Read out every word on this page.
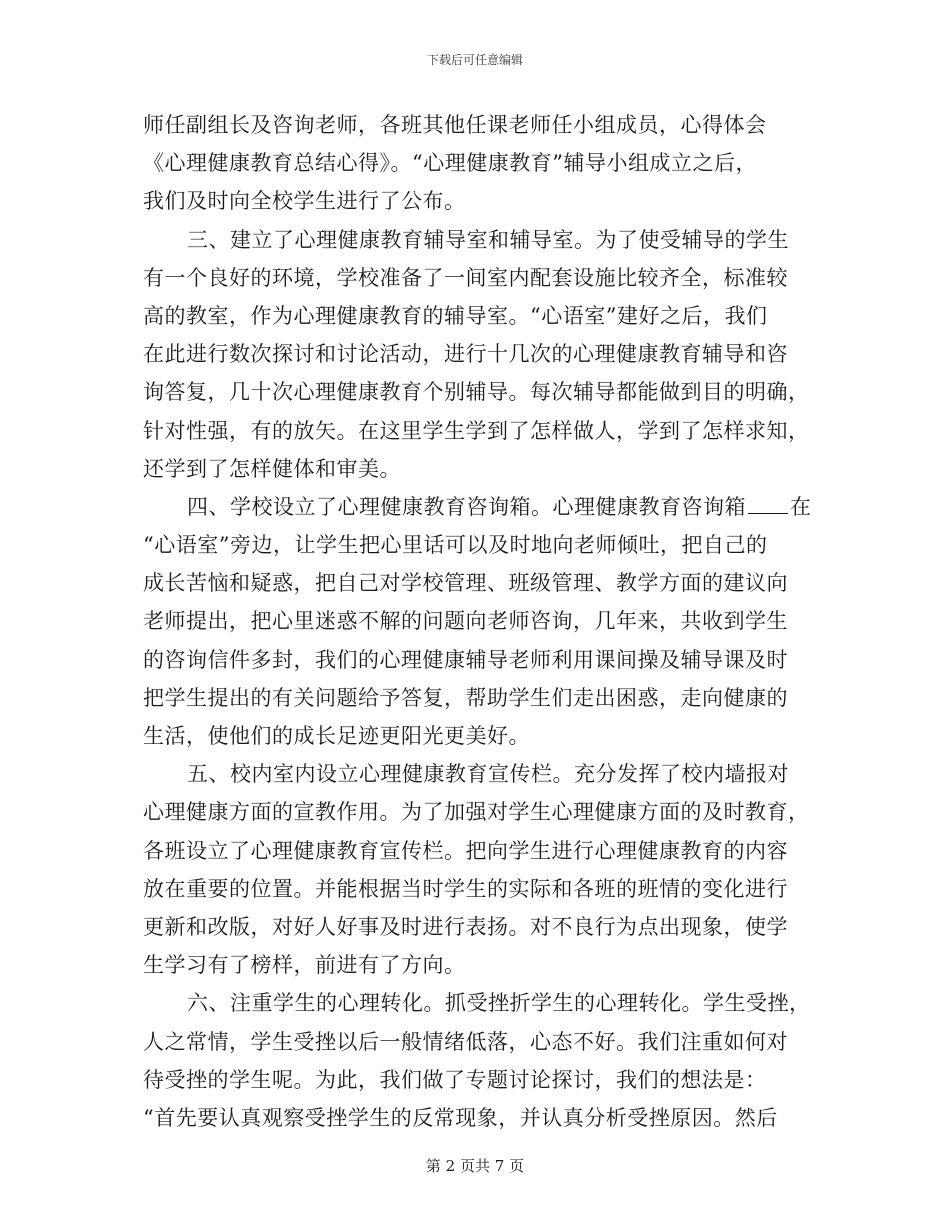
下载后可任意编辑
师任副组长及咨询老师，各班其他任课老师任小组成员，心得体会
《心理健康教育总结心得》。“心理健康教育”辅导小组成立之后，
我们及时向全校学生进行了公布。
三、建立了心理健康教育辅导室和辅导室。为了使受辅导的学生
有一个良好的环境，学校准备了一间室内配套设施比较齐全，标准较
高的教室，作为心理健康教育的辅导室。“心语室”建好之后，我们
在此进行数次探讨和讨论活动，进行十几次的心理健康教育辅导和咨
询答复，几十次心理健康教育个别辅导。每次辅导都能做到目的明确，
针对性强，有的放矢。在这里学生学到了怎样做人，学到了怎样求知，
还学到了怎样健体和审美。
四、学校设立了心理健康教育咨询箱。心理健康教育咨询箱 在
“心语室”旁边，让学生把心里话可以及时地向老师倾吐，把自己的
成长苦恼和疑惑，把自己对学校管理、班级管理、教学方面的建议向
老师提出，把心里迷惑不解的问题向老师咨询，几年来，共收到学生
的咨询信件多封，我们的心理健康辅导老师利用课间操及辅导课及时
把学生提出的有关问题给予答复，帮助学生们走出困惑，走向健康的
生活，使他们的成长足迹更阳光更美好。
五、校内室内设立心理健康教育宣传栏。充分发挥了校内墙报对
心理健康方面的宣教作用。为了加强对学生心理健康方面的及时教育，
各班设立了心理健康教育宣传栏。把向学生进行心理健康教育的内容
放在重要的位置。并能根据当时学生的实际和各班的班情的变化进行
更新和改版，对好人好事及时进行表扬。对不良行为点出现象，使学
生学习有了榜样，前进有了方向。
六、注重学生的心理转化。抓受挫折学生的心理转化。学生受挫，
人之常情，学生受挫以后一般情绪低落，心态不好。我们注重如何对
待受挫的学生呢。为此，我们做了专题讨论探讨，我们的想法是：
“首先要认真观察受挫学生的反常现象，并认真分析受挫原因。然后
第 2 页共 7 页
